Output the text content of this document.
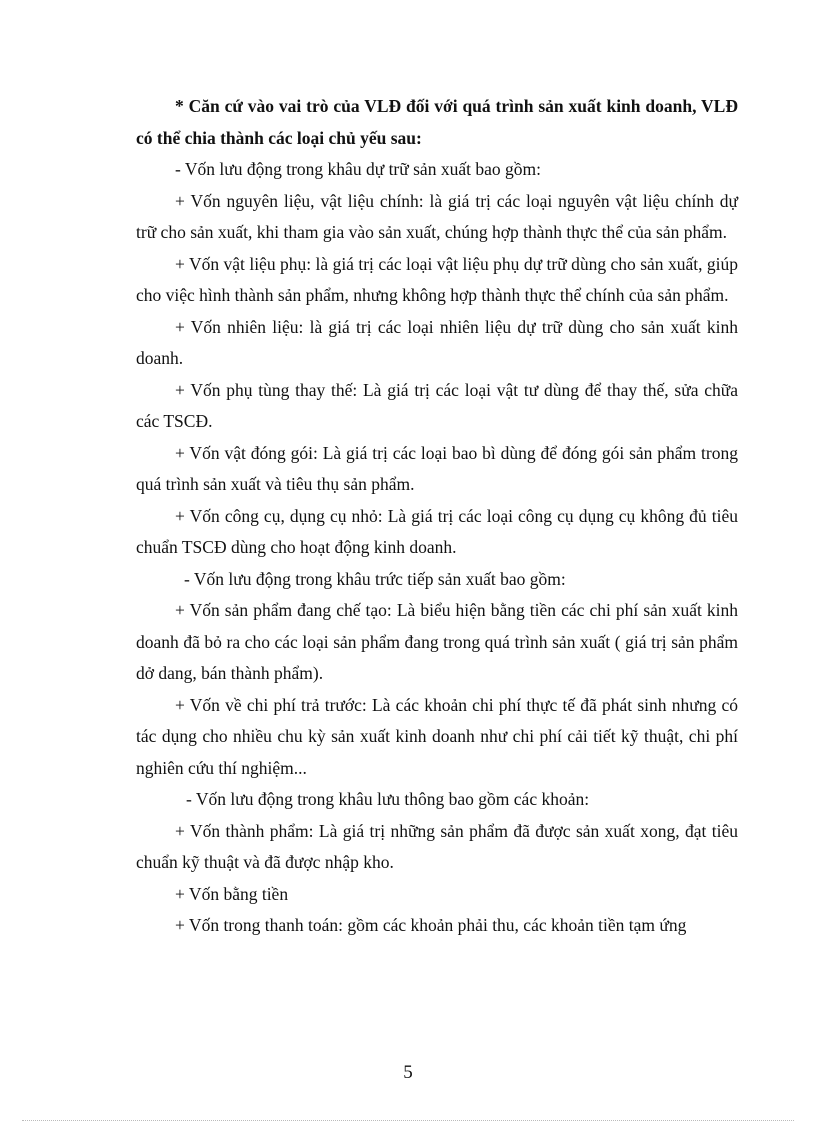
* Căn cứ vào vai trò của VLĐ đối với quá trình sản xuất kinh doanh, VLĐ có thể chia thành các loại chủ yếu sau:

- Vốn lưu động trong khâu dự trữ sản xuất bao gồm:

+ Vốn nguyên liệu, vật liệu chính: là giá trị các loại nguyên vật liệu chính dự trữ cho sản xuất, khi tham gia vào sản xuất, chúng hợp thành thực thể của sản phẩm.

+ Vốn vật liệu phụ: là giá trị các loại vật liệu phụ dự trữ dùng cho sản xuất, giúp cho việc hình thành sản phẩm, nhưng không hợp thành thực thể chính của sản phẩm.

+ Vốn nhiên liệu: là giá trị các loại nhiên liệu dự trữ dùng cho sản xuất kinh doanh.

+ Vốn phụ tùng thay thế: Là giá trị các loại vật tư dùng để thay thế, sửa chữa các TSCĐ.

+ Vốn vật đóng gói: Là giá trị các loại bao bì dùng để đóng gói sản phẩm trong quá trình sản xuất và tiêu thụ sản phẩm.

+ Vốn công cụ, dụng cụ nhỏ: Là giá trị các loại công cụ dụng cụ không đủ tiêu chuẩn TSCĐ dùng cho hoạt động kinh doanh.

- Vốn lưu động trong khâu trức tiếp sản xuất bao gồm:

+ Vốn sản phẩm đang chế tạo: Là biểu hiện bằng tiền các chi phí sản xuất kinh doanh đã bỏ ra cho các loại sản phẩm đang trong quá trình sản xuất ( giá trị sản phẩm dở dang, bán thành phẩm).

+ Vốn về chi phí trả trước: Là các khoản chi phí thực tế đã phát sinh nhưng có tác dụng cho nhiều chu kỳ sản xuất kinh doanh như chi phí cải tiết kỹ thuật, chi phí nghiên cứu thí nghiệm...

- Vốn lưu động trong khâu lưu thông bao gồm các khoản:

+ Vốn thành phẩm: Là giá trị những sản phẩm đã được sản xuất xong, đạt tiêu chuẩn kỹ thuật và đã được nhập kho.

+ Vốn bằng tiền

+ Vốn trong thanh toán: gồm các khoản phải thu, các khoản tiền tạm ứng

5
